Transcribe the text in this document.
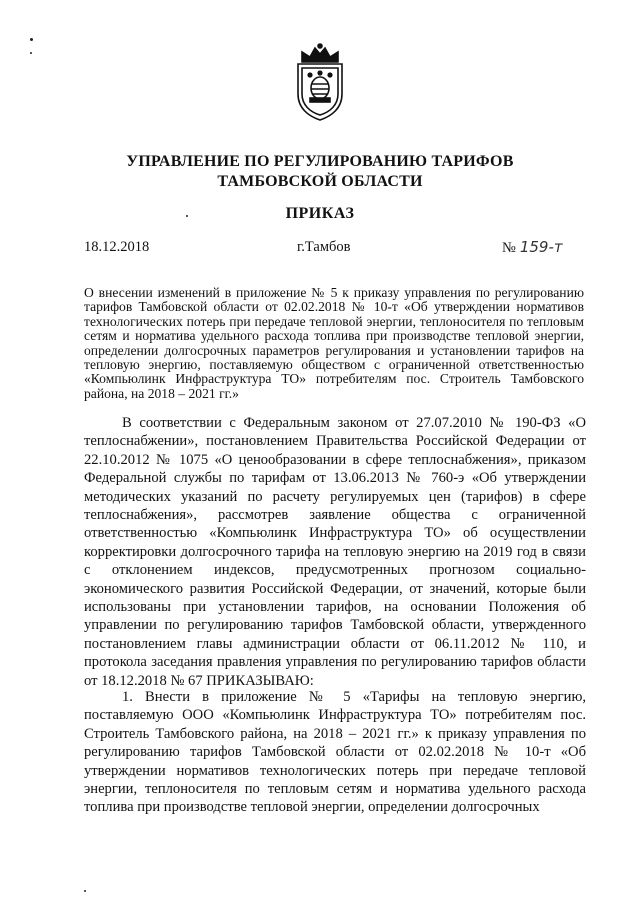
УПРАВЛЕНИЕ ПО РЕГУЛИРОВАНИЮ ТАРИФОВ
ТАМБОВСКОЙ ОБЛАСТИ
ПРИКАЗ
18.12.2018	г.Тамбов	№ 159-т
О внесении изменений в приложение № 5 к приказу управления по регулированию тарифов Тамбовской области от 02.02.2018 № 10-т «Об утверждении нормативов технологических потерь при передаче тепловой энергии, теплоносителя по тепловым сетям и норматива удельного расхода топлива при производстве тепловой энергии, определении долгосрочных параметров регулирования и установлении тарифов на тепловую энергию, поставляемую обществом с ограниченной ответственностью «Компьюлинк Инфраструктура ТО» потребителям пос. Строитель Тамбовского района, на 2018 – 2021 гг.»
В соответствии с Федеральным законом от 27.07.2010 № 190-ФЗ «О теплоснабжении», постановлением Правительства Российской Федерации от 22.10.2012 № 1075 «О ценообразовании в сфере теплоснабжения», приказом Федеральной службы по тарифам от 13.06.2013 № 760-э «Об утверждении методических указаний по расчету регулируемых цен (тарифов) в сфере теплоснабжения», рассмотрев заявление общества с ограниченной ответственностью «Компьюлинк Инфраструктура ТО» об осуществлении корректировки долгосрочного тарифа на тепловую энергию на 2019 год в связи с отклонением индексов, предусмотренных прогнозом социально-экономического развития Российской Федерации, от значений, которые были использованы при установлении тарифов, на основании Положения об управлении по регулированию тарифов Тамбовской области, утвержденного постановлением главы администрации области от 06.11.2012 № 110, и протокола заседания правления управления по регулированию тарифов области от 18.12.2018 № 67 ПРИКАЗЫВАЮ:
1. Внести в приложение № 5 «Тарифы на тепловую энергию, поставляемую ООО «Компьюлинк Инфраструктура ТО» потребителям пос. Строитель Тамбовского района, на 2018 – 2021 гг.» к приказу управления по регулированию тарифов Тамбовской области от 02.02.2018 № 10-т «Об утверждении нормативов технологических потерь при передаче тепловой энергии, теплоносителя по тепловым сетям и норматива удельного расхода топлива при производстве тепловой энергии, определении долгосрочных
